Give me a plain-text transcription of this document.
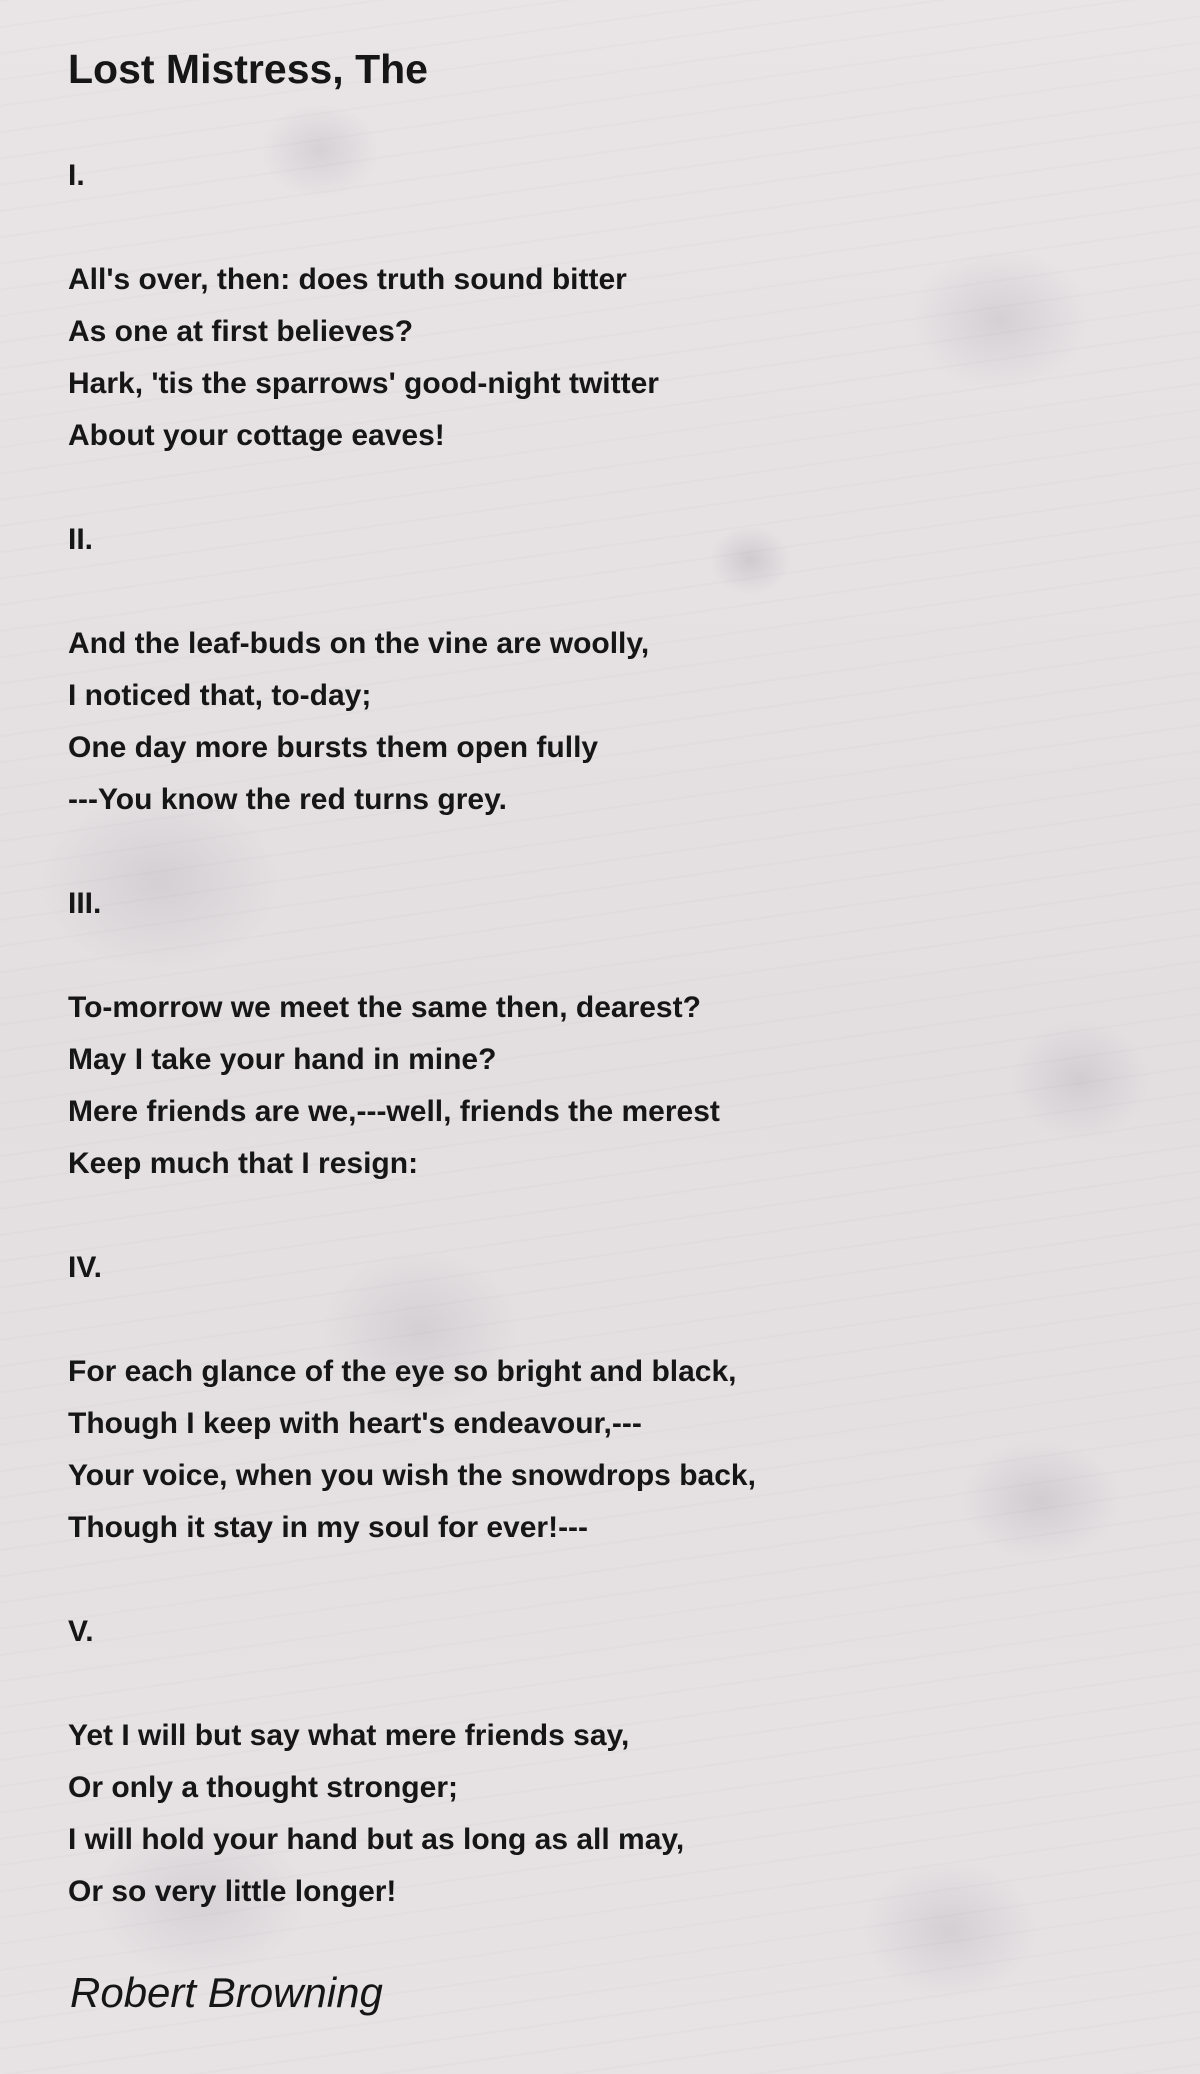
Lost Mistress, The
I.
All's over, then: does truth sound bitter
As one at first believes?
Hark, 'tis the sparrows' good-night twitter
About your cottage eaves!
II.
And the leaf-buds on the vine are woolly,
I noticed that, to-day;
One day more bursts them open fully
---You know the red turns grey.
III.
To-morrow we meet the same then, dearest?
May I take your hand in mine?
Mere friends are we,---well, friends the merest
Keep much that I resign:
IV.
For each glance of the eye so bright and black,
Though I keep with heart's endeavour,---
Your voice, when you wish the snowdrops back,
Though it stay in my soul for ever!---
V.
Yet I will but say what mere friends say,
Or only a thought stronger;
I will hold your hand but as long as all may,
Or so very little longer!

Robert Browning
